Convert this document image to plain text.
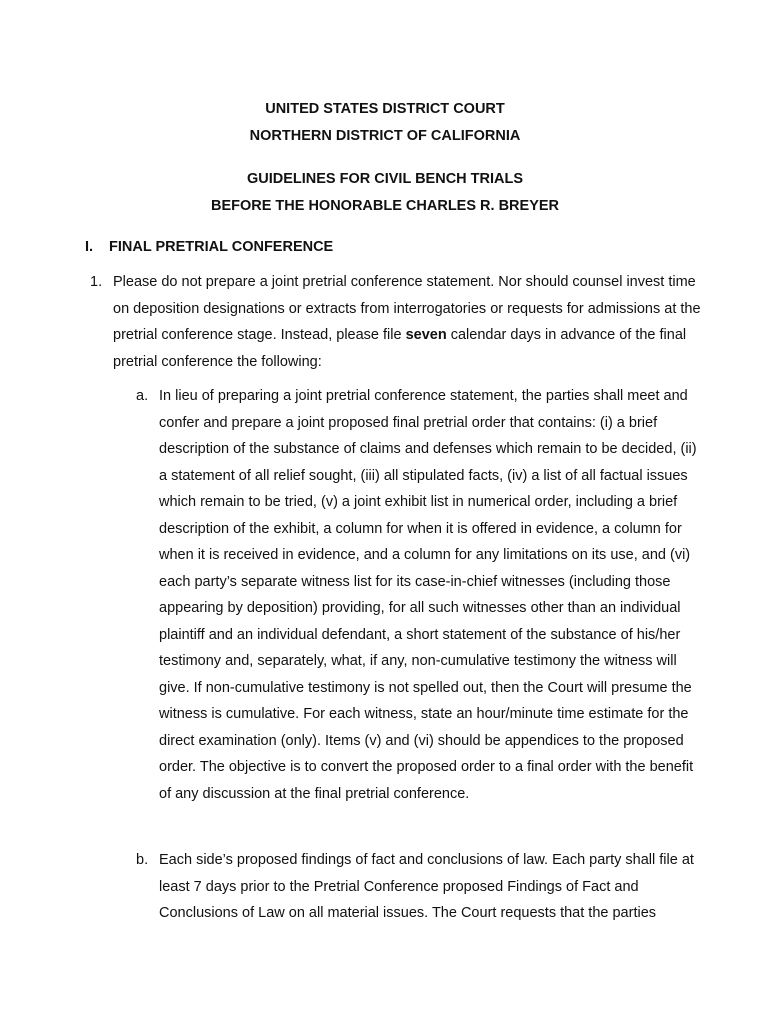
UNITED STATES DISTRICT COURT
NORTHERN DISTRICT OF CALIFORNIA
GUIDELINES FOR CIVIL BENCH TRIALS
BEFORE THE HONORABLE CHARLES R. BREYER
I. FINAL PRETRIAL CONFERENCE
1. Please do not prepare a joint pretrial conference statement. Nor should counsel invest time on deposition designations or extracts from interrogatories or requests for admissions at the pretrial conference stage. Instead, please file seven calendar days in advance of the final pretrial conference the following:

a. In lieu of preparing a joint pretrial conference statement, the parties shall meet and confer and prepare a joint proposed final pretrial order that contains: (i) a brief description of the substance of claims and defenses which remain to be decided, (ii) a statement of all relief sought, (iii) all stipulated facts, (iv) a list of all factual issues which remain to be tried, (v) a joint exhibit list in numerical order, including a brief description of the exhibit, a column for when it is offered in evidence, a column for when it is received in evidence, and a column for any limitations on its use, and (vi) each party’s separate witness list for its case-in-chief witnesses (including those appearing by deposition) providing, for all such witnesses other than an individual plaintiff and an individual defendant, a short statement of the substance of his/her testimony and, separately, what, if any, non-cumulative testimony the witness will give. If non-cumulative testimony is not spelled out, then the Court will presume the witness is cumulative. For each witness, state an hour/minute time estimate for the direct examination (only). Items (v) and (vi) should be appendices to the proposed order. The objective is to convert the proposed order to a final order with the benefit of any discussion at the final pretrial conference.

b. Each side’s proposed findings of fact and conclusions of law. Each party shall file at least 7 days prior to the Pretrial Conference proposed Findings of Fact and Conclusions of Law on all material issues. The Court requests that the parties
